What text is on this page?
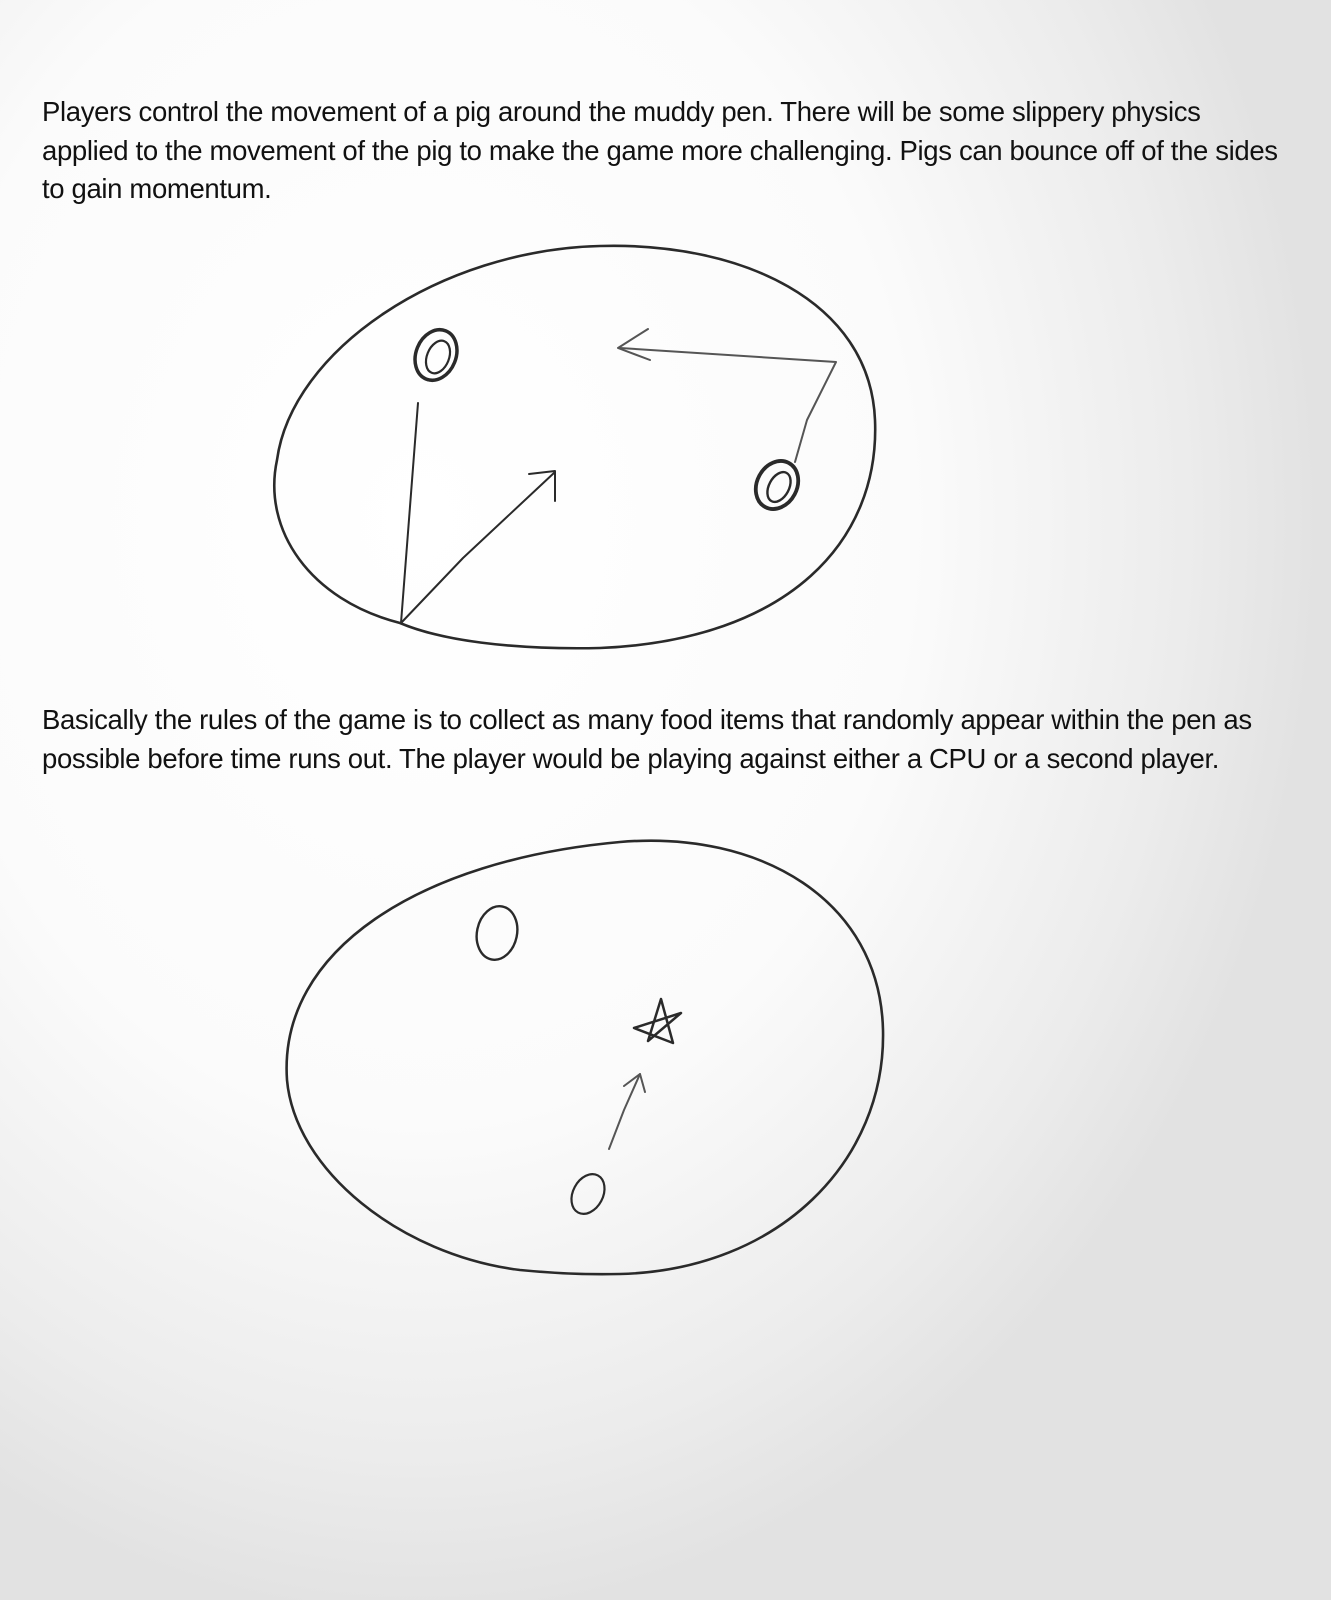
Players control the movement of a pig around the muddy pen. There will be some slippery physics applied to the movement of the pig to make the game more challenging. Pigs can bounce off of the sides to gain momentum.

Basically the rules of the game is to collect as many food items that randomly appear within the pen as possible before time runs out. The player would be playing against either a CPU or a second player.
